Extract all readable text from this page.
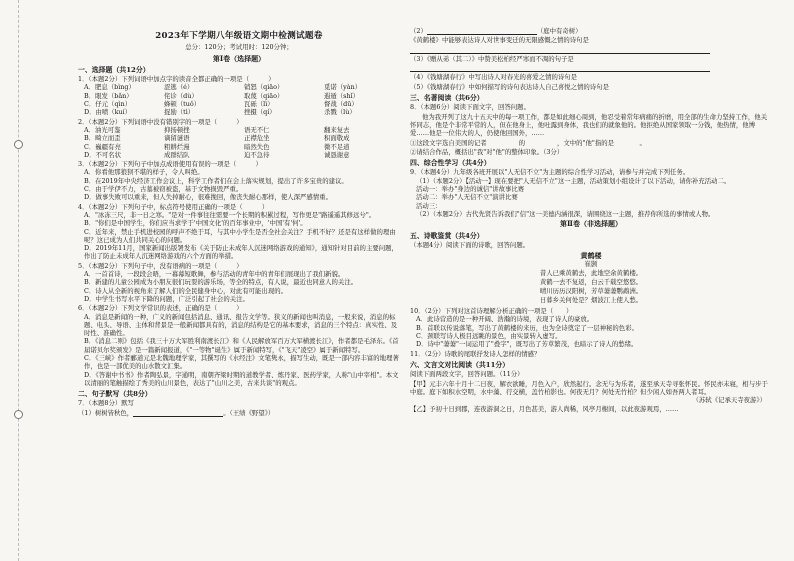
2023年下学期八年级语文期中检测试题卷
总分：120分；考试用时：120分钟；
第Ⅰ卷（选择题）
一、选择题（共12分）
1．（本题2分）下列词语中加点字的读音全都正确的一项是（　　　）
A．肥息（bìng）	涩逃（é）	销怒（qiāo）	觅诺（yàn）
B．眼发（bǎn）	侘诊（dù）	取蔑（qiāo）	遐遁（shǐ）
C．仔元（qìn）	蜂顿（tuǒ）	瓦砾（lì）	督战（dū）
D．由喷（kuí）	捉励（tì）	挫摄（qí）	杀戮（lù）
2．（本题2分）下列词语中没有错别字的一项是（　　　）
A．油光可鉴	抑扬顿挫	语无不仁	翻来复去
B．畸立而歪	谪留谜语	正襟危坐	积面敬成
C．巍疆有亮	粗耕烂漫	暗然失色	微不足道
D．不可名状	成群结队	迫不急待	诚恳谢意
3．（本题2分）下列句子中加点成语使用有误的一项是（　　　）
A．你看他那狼狈不堪的样子，令人叫绝。
B．在2019年中央经济工作会议上，科学工作者们在会上落实规划，提出了许多宝贵的建议。
C．由于学伊不力，古墓被窃被盗，基于文物损毁严重。
D．做事失败可以重来，但人失掉耐心，很难挽回，像丧失耐心那样，使人深严感情重。
4．（本题2分）下列句子中，标点符号使用正确的一项是（　　　）
A．"冰冻三尺，非一日之寒。"是对一件事往往需要一个长期的积累过程，写作更是"路遥遥其修远兮"。
B．"你们是中国学生，你们应当求学于'中国文化'的百年事业中，'中国'有'何'。
C．近年来，禁止手机进校园的呼声不绝于耳，与其中小学生是否全社会关注？手机不好？还是有这样做的理由呢？这已成为人们共同关心的问题。
D．2019年11月，国家新闻出版署发布《关于防止未成年人沉迷网络游戏的通知》，通知针对目前的主要问题，作出了防止未成年人沉迷网络游戏的六个方面的举措。
5．（本题2分）下列句子中，没有语病的一项是（　　　）
A．一首首诗，一段段会晤，一幕幕短歌舞，参与活动的青年中的青年们展现出了我们新貌。
B．新建的儿童公园成为小朋友很们玩耍的游乐场，等全的特点，有人说，最近也同意人的关注。
C．诗人从全新的视角来了解人们的全民健身中心，对此有可能出现的。
D．中学生书写水平下降的问题，广泛引起了社会的关注。
6．（本题2分）下列文学常识的表述，正确的是（　　　）
A．消息是新闻的一种，广义的新闻包括消息、通讯、报告文学等。狭义的新闻也叫消息，一般来说，消息的标题、电头、导语、主体和背景是一般新闻都具有的，消息的结构是它的基本要求，消息的三个特点：真实性、及时性、准确性。
B．《消息二则》包括《我三十万大军胜利南渡长江》和《人民解放军百万大军横渡长江》，作者都是毛泽东。《首届诺贝尔奖颁发》是一篇新闻报道，《"一等物"诞生》属于新闻特写，《"飞天"凌空》属于新闻特写。
C．《三峡》作者郦道元是北魏地理学家，其撰写的《水经注》文笔隽永，描写生动，既是一部内容丰富的地理著作，也是一部优美的山水散文汇集。
D．《答谢中书书》作者陶弘景，字通明，南朝齐梁时期的道教学者、炼丹家、医药学家，人称"山中宰相"。本文以清丽的笔触描绘了秀美的山川景色，表达了"山川之美，古来共谈"的观点。
二、句子默写（共8分）
7．（本题8分）默写
（1）树树皆秋色，	。（王绩《野望》）
（2）	（庭中有奇树）
《黄鹤楼》中能够表达诗人对世事变迁的无限感慨之情的诗句是
（3）《赠从弟（其二）》中赞美松柏经严寒而不凋的句子是
（4）《钱塘湖春行》中写出诗人对春光的喜爱之情的诗句是
（5）《钱塘湖春行》中如何描写的诗句表达诗人自己喜悦之情的诗句是
三、名著阅读（共6分）
8．（本题6分）阅读下面文字，回答问题。
他为我开列了这九十五天中的每一项工作，都是如此细心周到，他忍受着常年病痛的折磨，用全部的生命力坚持工作，他关怀同志，他是个非常平常的人，但在他身上，他吐露到身体，我也们的就象他的。他拒绝从国家领取一分钱，他热情，他博爱……他是一位伟大的人，仍使他回国外，……
①这段文字选自美国的记者　　　　　的　　　　　，文中的"他"指的是　　　　。
②请结合作品，概括出"我"对"他"的整体印象。（3分）
四、综合性学习（共4分）
9．（本题4分）九年级各班开展以"人无信不立"为主题的综合性学习活动，请参与并完成下列任务。
（1）（本题2分）【活动一】现在要把"人无信不立"这一主题，活动策划小组设计了以下活动，请你补充活动二。
活动一：举办"身边的诚信"讲故事比赛
活动二：举办"人无信不立"演讲比赛
活动三：
（2）（本题2分）古代先贤告诉我们"信"这一美德内涵很深，请围绕这一主题，推荐你所选的事情或人物。
第Ⅱ卷（非选择题）
五、诗歌鉴赏（共4分）
（本题4分）阅读下面的诗歌，回答问题。
黄鹤楼
崔颢
昔人已乘黄鹤去，此地空余黄鹤楼。
黄鹤一去不复返，白云千载空悠悠。
晴川历历汉阳树，芳草萋萋鹦鹉洲。
日暮乡关何处是？烟波江上使人愁。
10．（2分）下列对这首诗理解分析正确的一项是（　　）
A．此诗营造的是一种开阔、浩瀚的诗境，表现了诗人的豪放。
B．首联以传说落笔，写出了黄鹤楼的来历，也为全诗奠定了一层神秘的色彩。
C．颈联写诗人极目远眺的景色，由实景转入虚写。
D．诗中"萋萋"一词运用了"叠字"，既写出了芳草繁茂，也暗示了诗人的愁绪。
11．（2分）诗歌的尾联抒发诗人怎样的情感？
六、文言文对比阅读（共11分）
阅读下面两段文字，回答问题。（11分）
【甲】元丰六年十月十二日夜，解衣欲睡，月色入户，欣然起行。念无与为乐者，遂至承天寺寻张怀民。怀民亦未寝，相与步于中庭。庭下如积水空明，水中藻、荇交横，盖竹柏影也。何夜无月？何处无竹柏？但少闲人如吾两人者耳。
（苏轼《记承天寺夜游》）
【乙】予初十日到郡，连夜游洞之日，月色甚美，游人尚稀，风亭月榭间，以此夜游观焉，……
